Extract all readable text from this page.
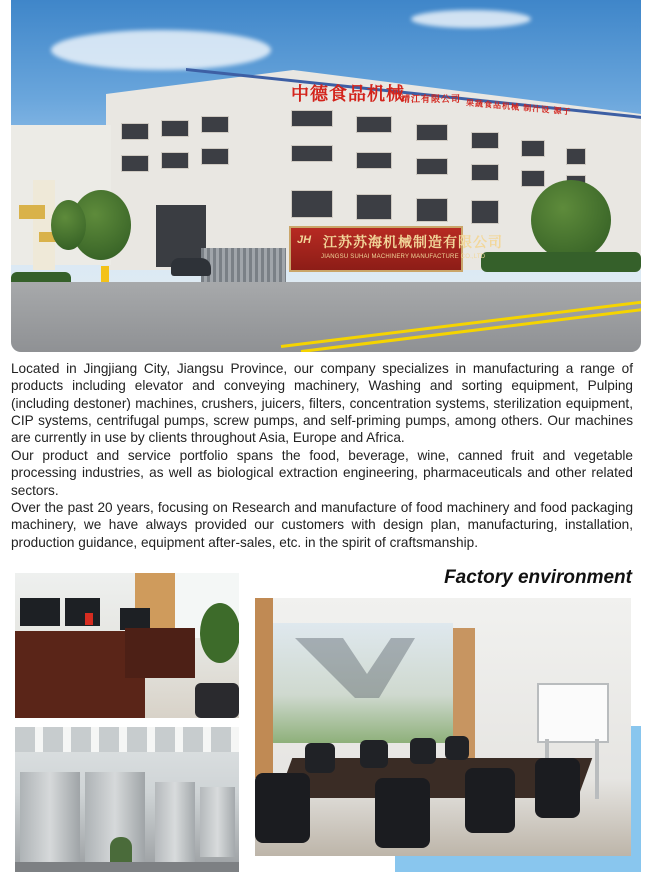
中德食品机械
靖江有限公司 果蔬食品机械 制汁设 源于
JH 江苏苏海机械制造有限公司
JIANGSU SUHAI MACHINERY MANUFACTURE CO.,LTD

Located in Jingjiang City, Jiangsu Province, our company specializes in manufacturing a range of products including elevator and conveying machinery, Washing and sorting equipment, Pulping (including destoner) machines, crushers, juicers, filters, concentration systems, sterilization equipment, CIP systems, centrifugal pumps, screw pumps, and self-priming pumps, among others. Our machines are currently in use by clients throughout Asia, Europe and Africa.

Our product and service portfolio spans the food, beverage, wine, canned fruit and vegetable processing industries, as well as biological extraction engineering, pharmaceuticals and other related sectors.

Over the past 20 years, focusing on Research and manufacture of food machinery and food packaging machinery, we have always provided our customers with design plan, manufacturing, installation, production guidance, equipment after-sales, etc. in the spirit of craftsmanship.

Factory environment
